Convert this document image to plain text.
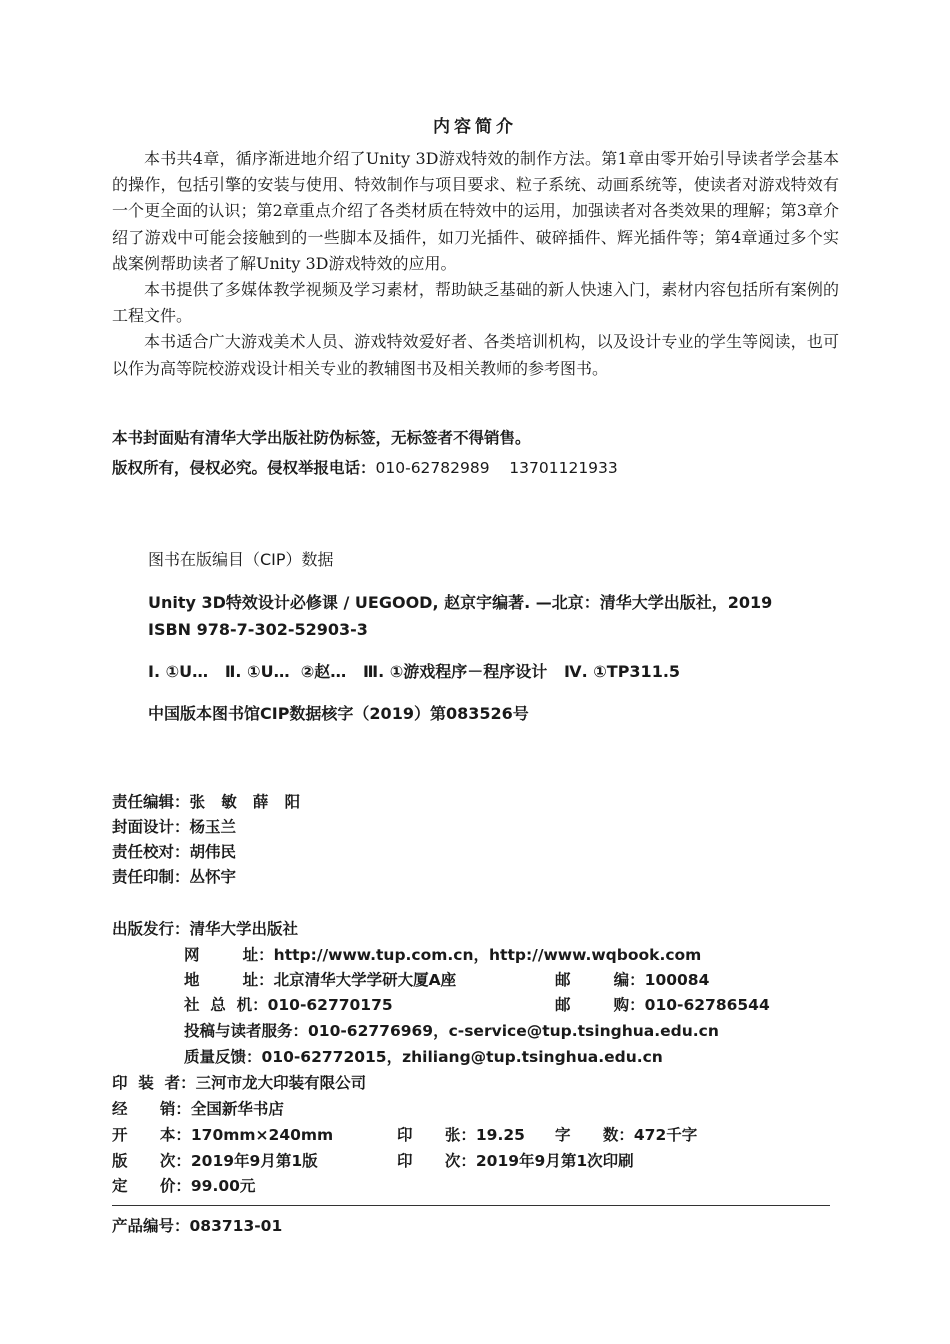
内容简介

本书共4章，循序渐进地介绍了Unity 3D游戏特效的制作方法。第1章由零开始引导读者学会基本的操作，包括引擎的安装与使用、特效制作与项目要求、粒子系统、动画系统等，使读者对游戏特效有一个更全面的认识；第2章重点介绍了各类材质在特效中的运用，加强读者对各类效果的理解；第3章介绍了游戏中可能会接触到的一些脚本及插件，如刀光插件、破碎插件、辉光插件等；第4章通过多个实战案例帮助读者了解Unity 3D游戏特效的应用。

本书提供了多媒体教学视频及学习素材，帮助缺乏基础的新人快速入门，素材内容包括所有案例的工程文件。

本书适合广大游戏美术人员、游戏特效爱好者、各类培训机构，以及设计专业的学生等阅读，也可以作为高等院校游戏设计相关专业的教辅图书及相关教师的参考图书。

本书封面贴有清华大学出版社防伪标签，无标签者不得销售。
版权所有，侵权必究。侵权举报电话：010-62782989    13701121933
图书在版编目（CIP）数据
Unity 3D特效设计必修课 / UEGOOD, 赵京宇编著. —北京：清华大学出版社，2019
ISBN 978-7-302-52903-3
Ⅰ. ①U…   Ⅱ. ①U…  ②赵…   Ⅲ. ①游戏程序－程序设计   Ⅳ. ①TP311.5
中国版本图书馆CIP数据核字（2019）第083526号
责任编辑：张   敏   薛   阳
封面设计：杨玉兰
责任校对：胡伟民
责任印制：丛怀宇
出版发行：清华大学出版社
网        址：http://www.tup.com.cn，http://www.wqbook.com
地        址：北京清华大学学研大厦A座	邮        编：100084
社  总  机：010-62770175	邮        购：010-62786544
投稿与读者服务：010-62776969，c-service@tup.tsinghua.edu.cn
质量反馈：010-62772015，zhiliang@tup.tsinghua.edu.cn
印  装  者：三河市龙大印装有限公司
经      销：全国新华书店
开      本：170mm×240mm	印      张：19.25 字      数：472千字
版      次：2019年9月第1版	印      次：2019年9月第1次印刷
定      价：99.00元
产品编号：083713-01
